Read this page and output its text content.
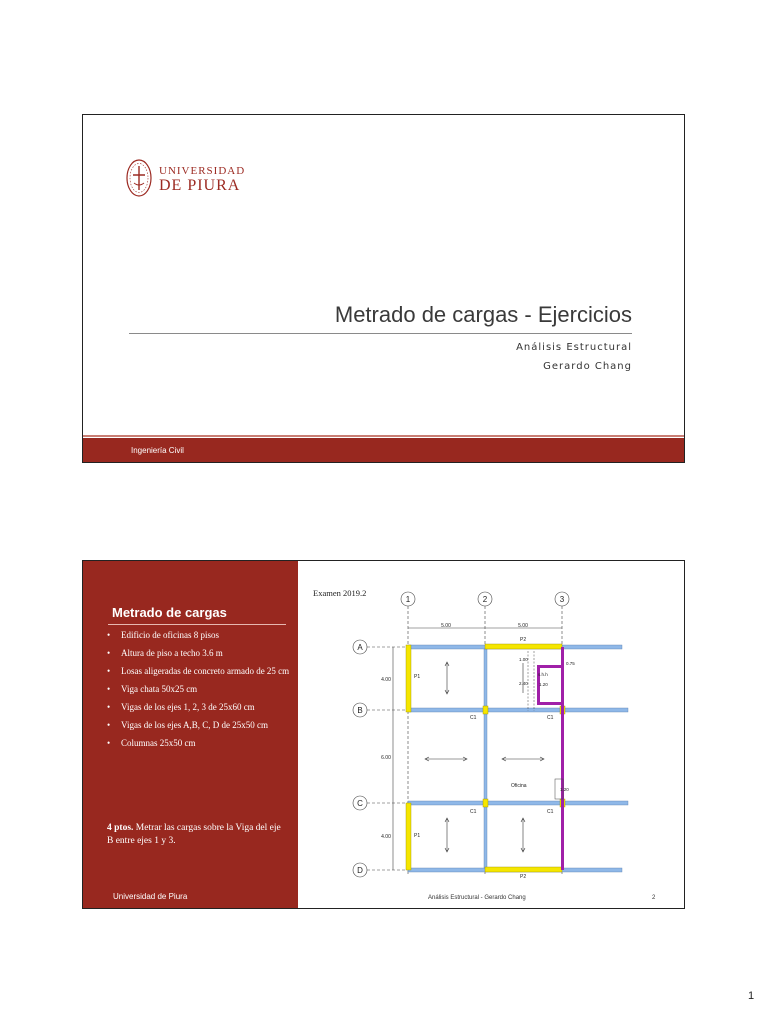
UNIVERSIDAD
DE PIURA
Metrado de cargas - Ejercicios
Análisis Estructural
Gerardo Chang
Ingeniería Civil
Metrado de cargas
• Edificio de oficinas 8 pisos
• Altura de piso a techo 3.6 m
• Losas aligeradas de concreto armado de 25 cm
• Viga chata 50x25 cm
• Vigas de los ejes 1, 2, 3 de 25x60 cm
• Vigas de los ejes A,B, C, D de 25x50 cm
• Columnas 25x50 cm
4 ptos. Metrar las cargas sobre la Viga del eje B entre ejes 1 y 3.
Universidad de Piura
Examen 2019.2
1	2	3
A
B
C
D
5.00	5.00
4.00
6.00
4.00
1.00
2.40 1.20
0.75
1.20
s.h.h
P1
P1
P2
P2
C1	C1
C1	C1
Oficina
Análisis Estructural - Gerardo Chang	2
1
